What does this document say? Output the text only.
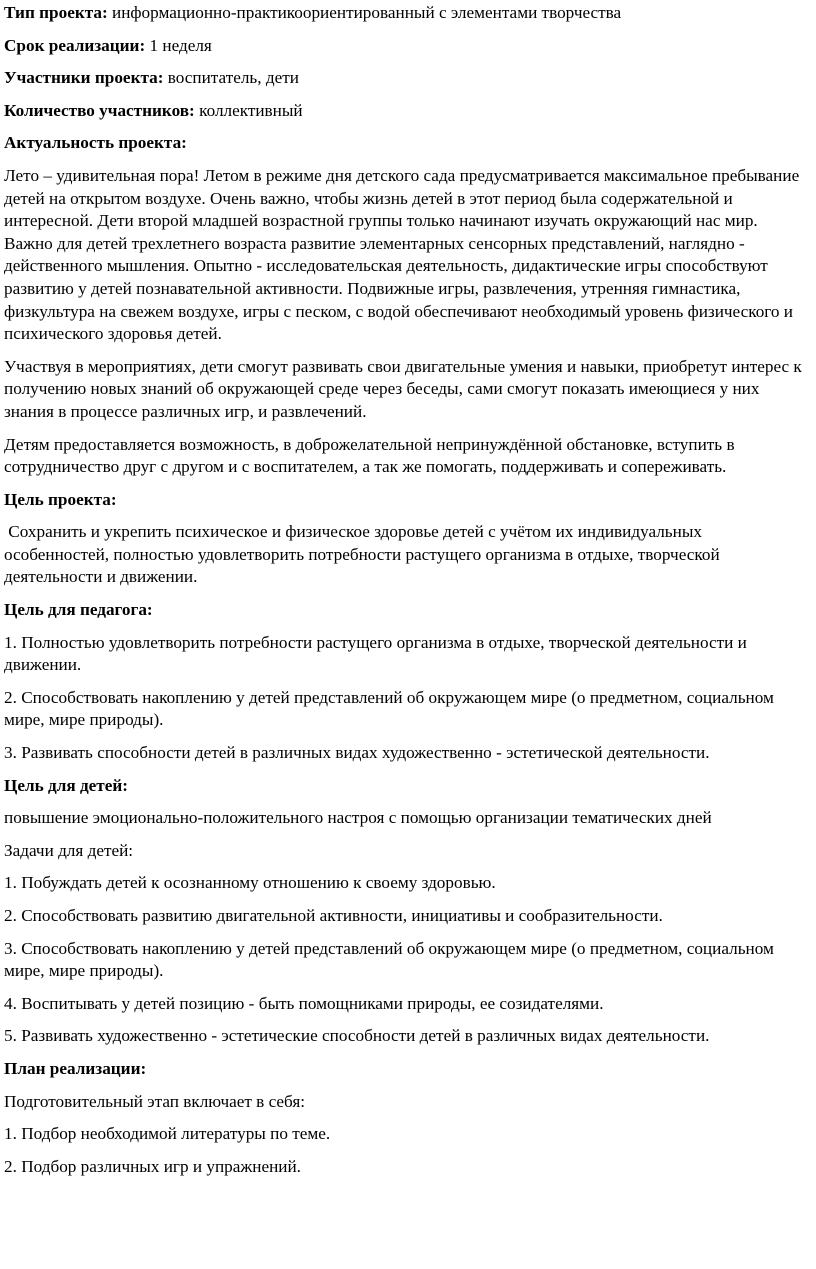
Тип проекта: информационно-практикоориентированный с элементами творчества

Срок реализации: 1 неделя

Участники проекта: воспитатель, дети

Количество участников: коллективный

Актуальность проекта:

Лето – удивительная пора! Летом в режиме дня детского сада предусматривается максимальное пребывание детей на открытом воздухе. Очень важно, чтобы жизнь детей в этот период была содержательной и интересной. Дети второй младшей возрастной группы только начинают изучать окружающий нас мир. Важно для детей трехлетнего возраста развитие элементарных сенсорных представлений, наглядно - действенного мышления. Опытно - исследовательская деятельность, дидактические игры способствуют развитию у детей познавательной активности. Подвижные игры, развлечения, утренняя гимнастика, физкультура на свежем воздухе, игры с песком, с водой обеспечивают необходимый уровень физического и психического здоровья детей.

Участвуя в мероприятиях, дети смогут развивать свои двигательные умения и навыки, приобретут интерес к получению новых знаний об окружающей среде через беседы, сами смогут показать имеющиеся у них знания в процессе различных игр, и развлечений.

Детям предоставляется возможность, в доброжелательной непринуждённой обстановке, вступить в сотрудничество друг с другом и с воспитателем, а так же помогать, поддерживать и сопереживать.

Цель проекта:

Сохранить и укрепить психическое и физическое здоровье детей с учётом их индивидуальных особенностей, полностью удовлетворить потребности растущего организма в отдыхе, творческой деятельности и движении.

Цель для педагога:

1. Полностью удовлетворить потребности растущего организма в отдыхе, творческой деятельности и движении.
2. Способствовать накоплению у детей представлений об окружающем мире (о предметном, социальном мире, мире природы).
3. Развивать способности детей в различных видах художественно - эстетической деятельности.

Цель для детей:

повышение эмоционально-положительного настроя с помощью организации тематических дней

Задачи для детей:

1. Побуждать детей к осознанному отношению к своему здоровью.
2. Способствовать развитию двигательной активности, инициативы и сообразительности.
3. Способствовать накоплению у детей представлений об окружающем мире (о предметном, социальном мире, мире природы).
4. Воспитывать у детей позицию - быть помощниками природы, ее созидателями.
5. Развивать художественно - эстетические способности детей в различных видах деятельности.

План реализации:

Подготовительный этап включает в себя:

1. Подбор необходимой литературы по теме.
2. Подбор различных игр и упражнений.
